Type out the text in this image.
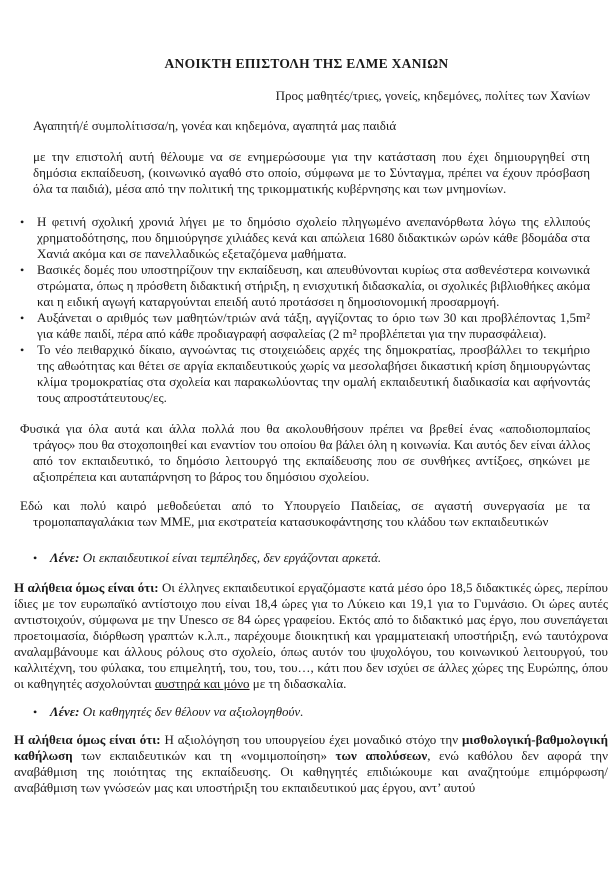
ΑΝΟΙΚΤΗ ΕΠΙΣΤΟΛΗ ΤΗΣ ΕΛΜΕ ΧΑΝΙΩΝ

Προς μαθητές/τριες, γονείς, κηδεμόνες, πολίτες των Χανίων

Αγαπητή/έ συμπολίτισσα/η, γονέα και κηδεμόνα, αγαπητά μας παιδιά

με την επιστολή αυτή θέλουμε να σε ενημερώσουμε για την κατάσταση που έχει δημιουργηθεί στη δημόσια εκπαίδευση, (κοινωνικό αγαθό στο οποίο, σύμφωνα με το Σύνταγμα, πρέπει να έχουν πρόσβαση όλα τα παιδιά), μέσα από την πολιτική της τρικομματικής κυβέρνησης και των μνημονίων.

• Η φετινή σχολική χρονιά λήγει με το δημόσιο σχολείο πληγωμένο ανεπανόρθωτα λόγω της ελλιπούς χρηματοδότησης, που δημιούργησε χιλιάδες κενά και απώλεια 1680 διδακτικών ωρών κάθε βδομάδα στα Χανιά ακόμα και σε πανελλαδικώς εξεταζόμενα μαθήματα.
• Βασικές δομές που υποστηρίζουν την εκπαίδευση, και απευθύνονται κυρίως στα ασθενέστερα κοινωνικά στρώματα, όπως η πρόσθετη διδακτική στήριξη, η ενισχυτική διδασκαλία, οι σχολικές βιβλιοθήκες ακόμα και η ειδική αγωγή καταργούνται επειδή αυτό προτάσσει η δημοσιονομική προσαρμογή.
• Αυξάνεται ο αριθμός των μαθητών/τριών ανά τάξη, αγγίζοντας το όριο των 30 και προβλέποντας 1,5m² για κάθε παιδί, πέρα από κάθε προδιαγραφή ασφαλείας (2 m² προβλέπεται για την πυρασφάλεια).
• Το νέο πειθαρχικό δίκαιο, αγνοώντας τις στοιχειώδεις αρχές της δημοκρατίας, προσβάλλει το τεκμήριο της αθωότητας και θέτει σε αργία εκπαιδευτικούς χωρίς να μεσολαβήσει δικαστική κρίση δημιουργώντας κλίμα τρομοκρατίας στα σχολεία και παρακωλύοντας την ομαλή εκπαιδευτική διαδικασία και αφήνοντάς τους απροστάτευτους/ες.

Φυσικά για όλα αυτά και άλλα πολλά που θα ακολουθήσουν πρέπει να βρεθεί ένας «αποδιοπομπαίος τράγος» που θα στοχοποιηθεί και εναντίον του οποίου θα βάλει όλη η κοινωνία. Και αυτός δεν είναι άλλος από τον εκπαιδευτικό, το δημόσιο λειτουργό της εκπαίδευσης που σε συνθήκες αντίξοες, σηκώνει με αξιοπρέπεια και αυταπάρνηση το βάρος του δημόσιου σχολείου.

Εδώ και πολύ καιρό μεθοδεύεται από το Υπουργείο Παιδείας, σε αγαστή συνεργασία με τα τρομοπαπαγαλάκια των ΜΜΕ, μια εκστρατεία κατασυκοφάντησης του κλάδου των εκπαιδευτικών

• Λένε: Οι εκπαιδευτικοί είναι τεμπέληδες, δεν εργάζονται αρκετά.

Η αλήθεια όμως είναι ότι: Οι έλληνες εκπαιδευτικοί εργαζόμαστε κατά μέσο όρο 18,5 διδακτικές ώρες, περίπου ίδιες με τον ευρωπαϊκό αντίστοιχο που είναι 18,4 ώρες για το Λύκειο και 19,1 για το Γυμνάσιο. Οι ώρες αυτές αντιστοιχούν, σύμφωνα με την Unesco σε 84 ώρες γραφείου. Εκτός από το διδακτικό μας έργο, που συνεπάγεται προετοιμασία, διόρθωση γραπτών κ.λ.π., παρέχουμε διοικητική και γραμματειακή υποστήριξη, ενώ ταυτόχρονα αναλαμβάνουμε και άλλους ρόλους στο σχολείο, όπως αυτόν του ψυχολόγου, του κοινωνικού λειτουργού, του καλλιτέχνη, του φύλακα, του επιμελητή, του, του, του…, κάτι που δεν ισχύει σε άλλες χώρες της Ευρώπης, όπου οι καθηγητές ασχολούνται αυστηρά και μόνο με τη διδασκαλία.

• Λένε: Οι καθηγητές δεν θέλουν να αξιολογηθούν.

Η αλήθεια όμως είναι ότι: Η αξιολόγηση του υπουργείου έχει μοναδικό στόχο την μισθολογική-βαθμολογική καθήλωση των εκπαιδευτικών και τη «νομιμοποίηση» των απολύσεων, ενώ καθόλου δεν αφορά την αναβάθμιση της ποιότητας της εκπαίδευσης. Οι καθηγητές επιδιώκουμε και αναζητούμε επιμόρφωση/αναβάθμιση των γνώσεών μας και υποστήριξη του εκπαιδευτικού μας έργου, αντ’ αυτού
